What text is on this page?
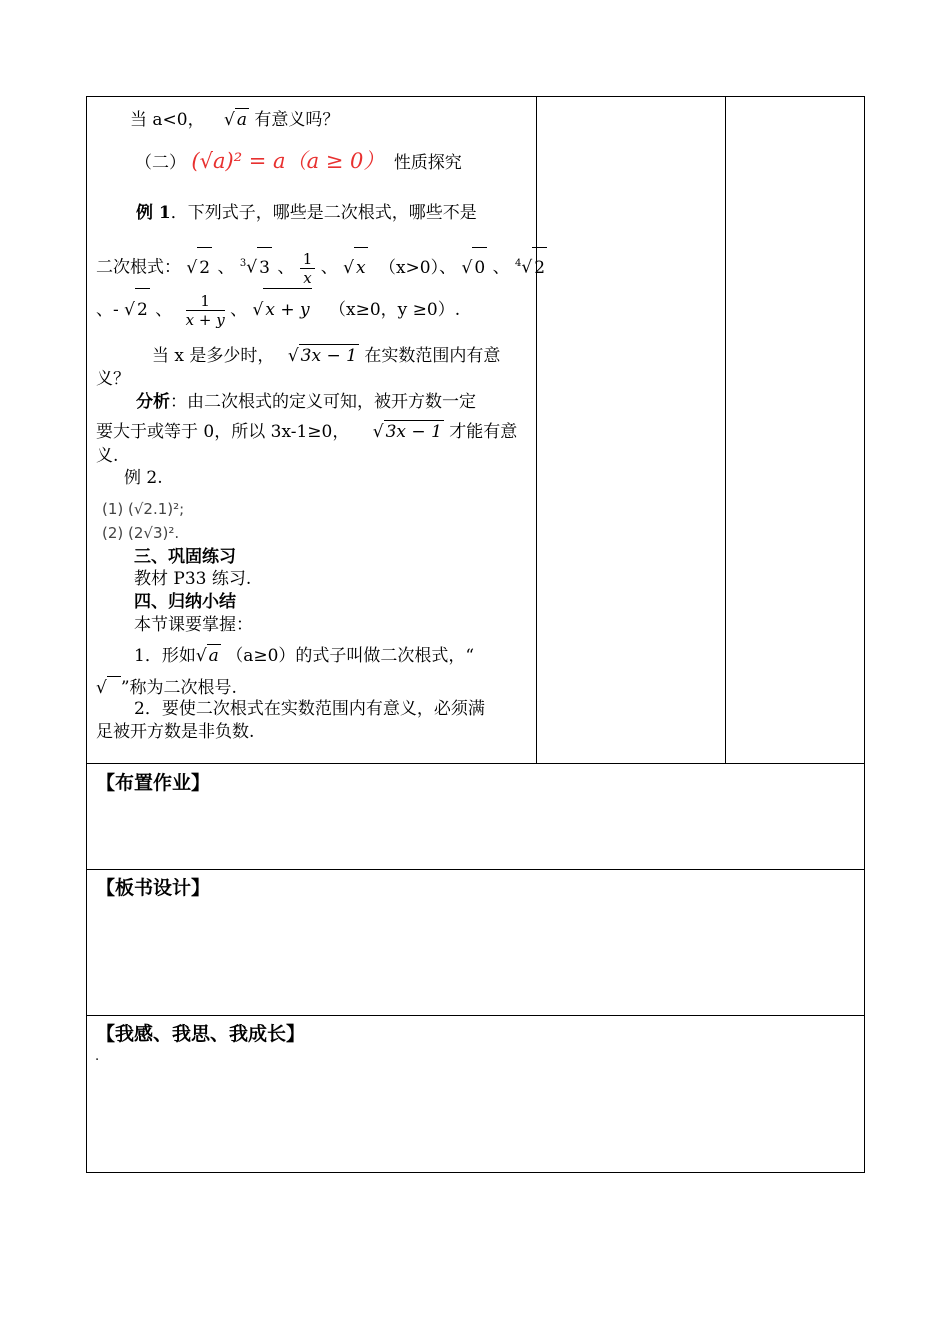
当 a<0， √ a 有意义吗？
（二） (√a)² = a（a ≥ 0） 性质探究
例 1．下列式子，哪些是二次根式，哪些不是
二次根式： √ 2 、 $^3$√ 3 、 $\frac{1}{x}$ 、 √ x （x>0）、 √ 0 、 $^4$√ 2
、- √ 2 、 $\frac{1}{x + y}$ 、 √ x + y （x≥0，y ≥0）.
当 x 是多少时， √ 3x − 1 在实数范围内有意
义？
分析：由二次根式的定义可知，被开方数一定
要大于或等于 0，所以 3x-1≥0， √ 3x − 1 才能有意
义.
例 2.
(1) (√2.1)²;
(2) (2√3)².
三、巩固练习
教材 P33 练习.
四、归纳小结
本节课要掌握：
1．形如√ a （a≥0）的式子叫做二次根式，“
√ ”称为二次根号.
2．要使二次根式在实数范围内有意义，必须满
足被开方数是非负数.
【布置作业】
【板书设计】
【我感、我思、我成长】
.
